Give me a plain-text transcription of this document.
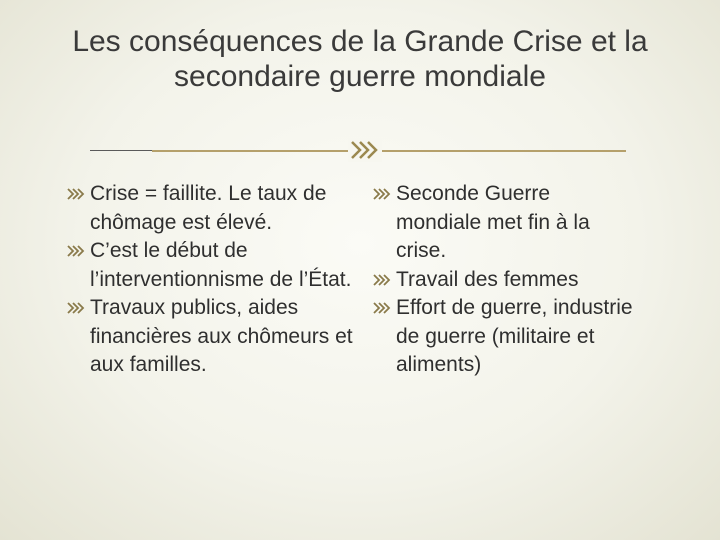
Les conséquences de la Grande Crise et la secondaire guerre mondiale
Crise = faillite. Le taux de chômage est élevé.
C’est le début de l’interventionnisme de l’État.
Travaux publics, aides financières aux chômeurs et aux familles.
Seconde Guerre mondiale met fin à la crise.
Travail des femmes
Effort de guerre, industrie de guerre (militaire et aliments)
